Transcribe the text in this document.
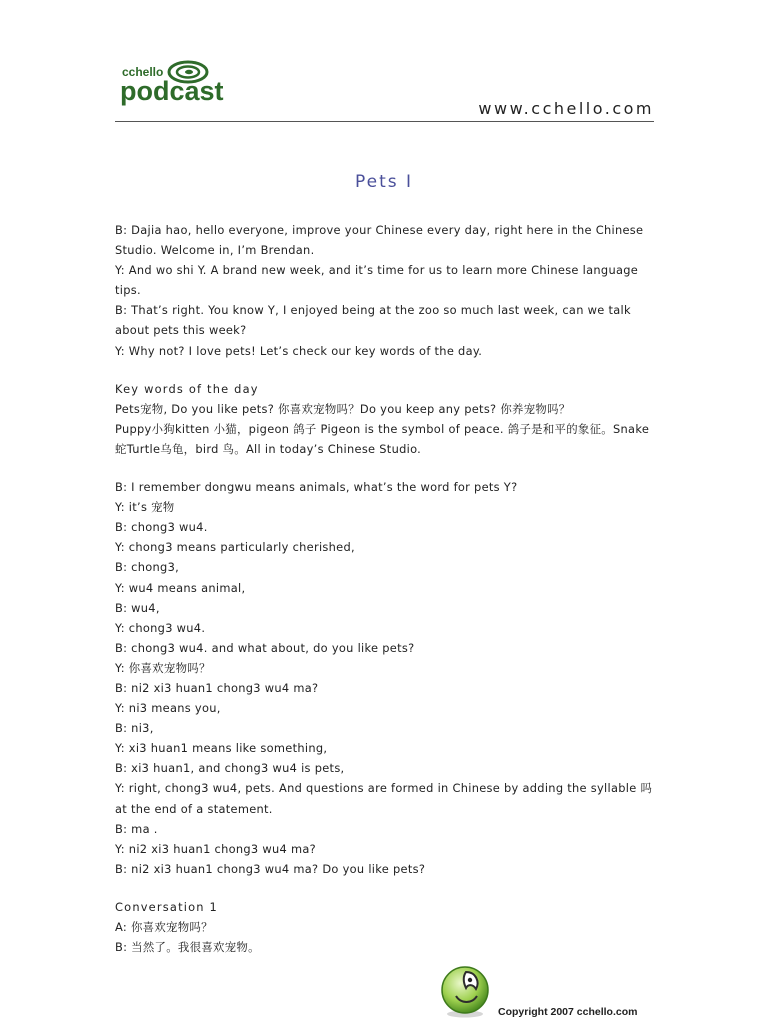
cchello
podcast
www.cchello.com
Pets I

B: Dajia hao, hello everyone, improve your Chinese every day, right here in the Chinese Studio. Welcome in, I’m Brendan.

Y: And wo shi Y. A brand new week, and it’s time for us to learn more Chinese language tips.

B: That’s right. You know Y, I enjoyed being at the zoo so much last week, can we talk about pets this week?

Y: Why not? I love pets! Let’s check our key words of the day.

Key words of the day

Pets宠物, Do you like pets? 你喜欢宠物吗？Do you keep any pets? 你养宠物吗？

Puppy小狗kitten 小猫，pigeon 鸽子 Pigeon is the symbol of peace. 鸽子是和平的象征。Snake 蛇Turtle乌龟，bird 鸟。All in today’s Chinese Studio.

B: I remember dongwu means animals, what’s the word for pets Y?

Y: it’s 宠物

B: chong3 wu4.

Y: chong3 means particularly cherished,

B: chong3,

Y: wu4 means animal,

B: wu4,

Y: chong3 wu4.

B: chong3 wu4. and what about, do you like pets?

Y: 你喜欢宠物吗？

B: ni2 xi3 huan1 chong3 wu4 ma?

Y: ni3 means you,

B: ni3,

Y: xi3 huan1 means like something,

B: xi3 huan1, and chong3 wu4 is pets,

Y: right, chong3 wu4, pets. And questions are formed in Chinese by adding the syllable 吗 at the end of a statement.

B: ma .

Y: ni2 xi3 huan1 chong3 wu4 ma?

B: ni2 xi3 huan1 chong3 wu4 ma? Do you like pets?

Conversation 1

A: 你喜欢宠物吗？

B: 当然了。我很喜欢宠物。

Copyright 2007 cchello.com
